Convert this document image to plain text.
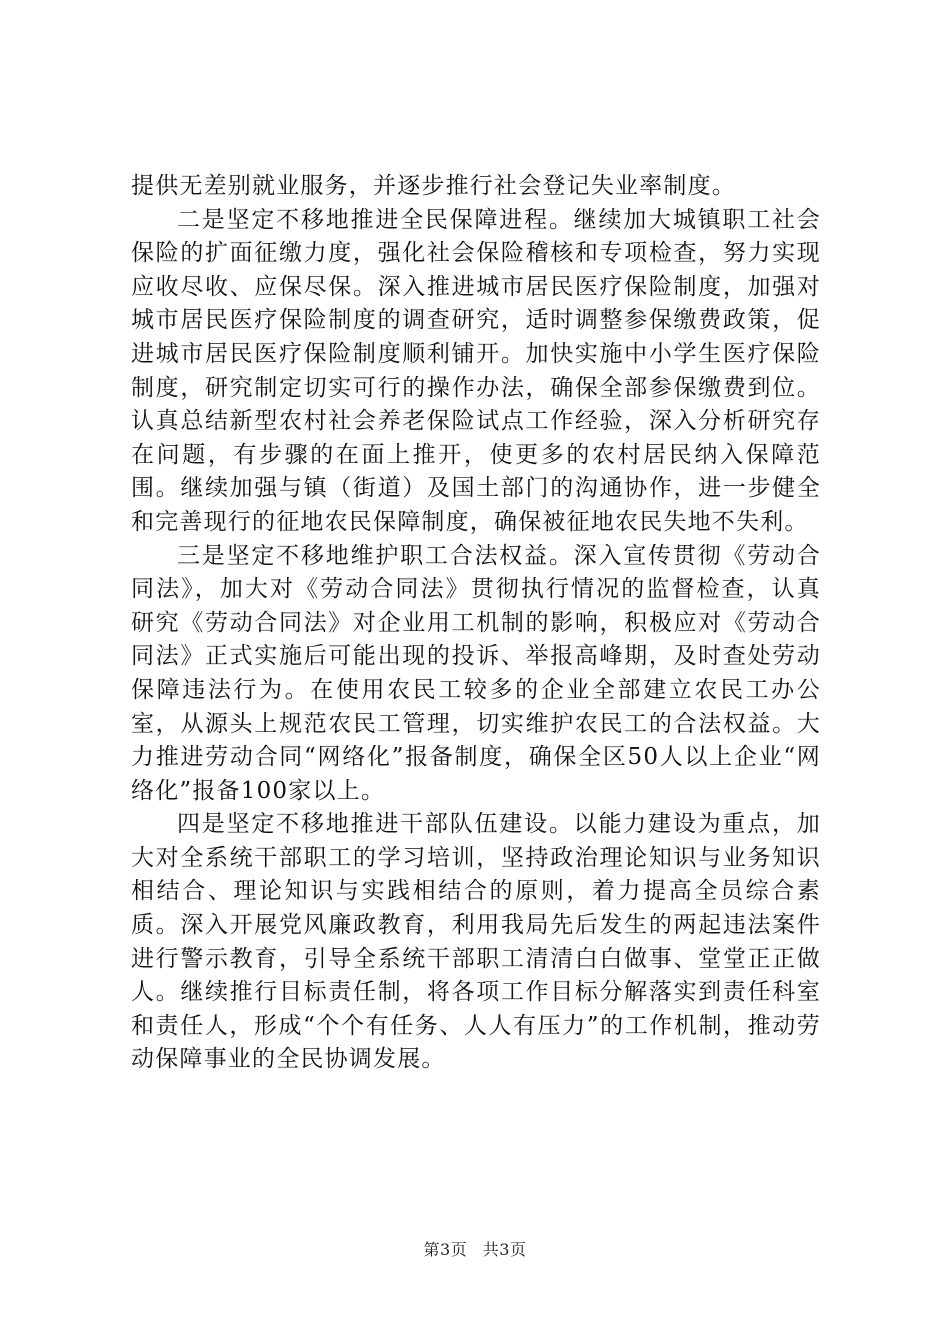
提供无差别就业服务，并逐步推行社会登记失业率制度。

二是坚定不移地推进全民保障进程。继续加大城镇职工社会保险的扩面征缴力度，强化社会保险稽核和专项检查，努力实现应收尽收、应保尽保。深入推进城市居民医疗保险制度，加强对城市居民医疗保险制度的调查研究，适时调整参保缴费政策，促进城市居民医疗保险制度顺利铺开。加快实施中小学生医疗保险制度，研究制定切实可行的操作办法，确保全部参保缴费到位。认真总结新型农村社会养老保险试点工作经验，深入分析研究存在问题，有步骤的在面上推开，使更多的农村居民纳入保障范围。继续加强与镇（街道）及国土部门的沟通协作，进一步健全和完善现行的征地农民保障制度，确保被征地农民失地不失利。

三是坚定不移地维护职工合法权益。深入宣传贯彻《劳动合同法》，加大对《劳动合同法》贯彻执行情况的监督检查，认真研究《劳动合同法》对企业用工机制的影响，积极应对《劳动合同法》正式实施后可能出现的投诉、举报高峰期，及时查处劳动保障违法行为。在使用农民工较多的企业全部建立农民工办公室，从源头上规范农民工管理，切实维护农民工的合法权益。大力推进劳动合同“网络化”报备制度，确保全区50人以上企业“网络化”报备100家以上。

四是坚定不移地推进干部队伍建设。以能力建设为重点，加大对全系统干部职工的学习培训，坚持政治理论知识与业务知识相结合、理论知识与实践相结合的原则，着力提高全员综合素质。深入开展党风廉政教育，利用我局先后发生的两起违法案件进行警示教育，引导全系统干部职工清清白白做事、堂堂正正做人。继续推行目标责任制，将各项工作目标分解落实到责任科室和责任人，形成“个个有任务、人人有压力”的工作机制，推动劳动保障事业的全民协调发展。

第3页 共3页
